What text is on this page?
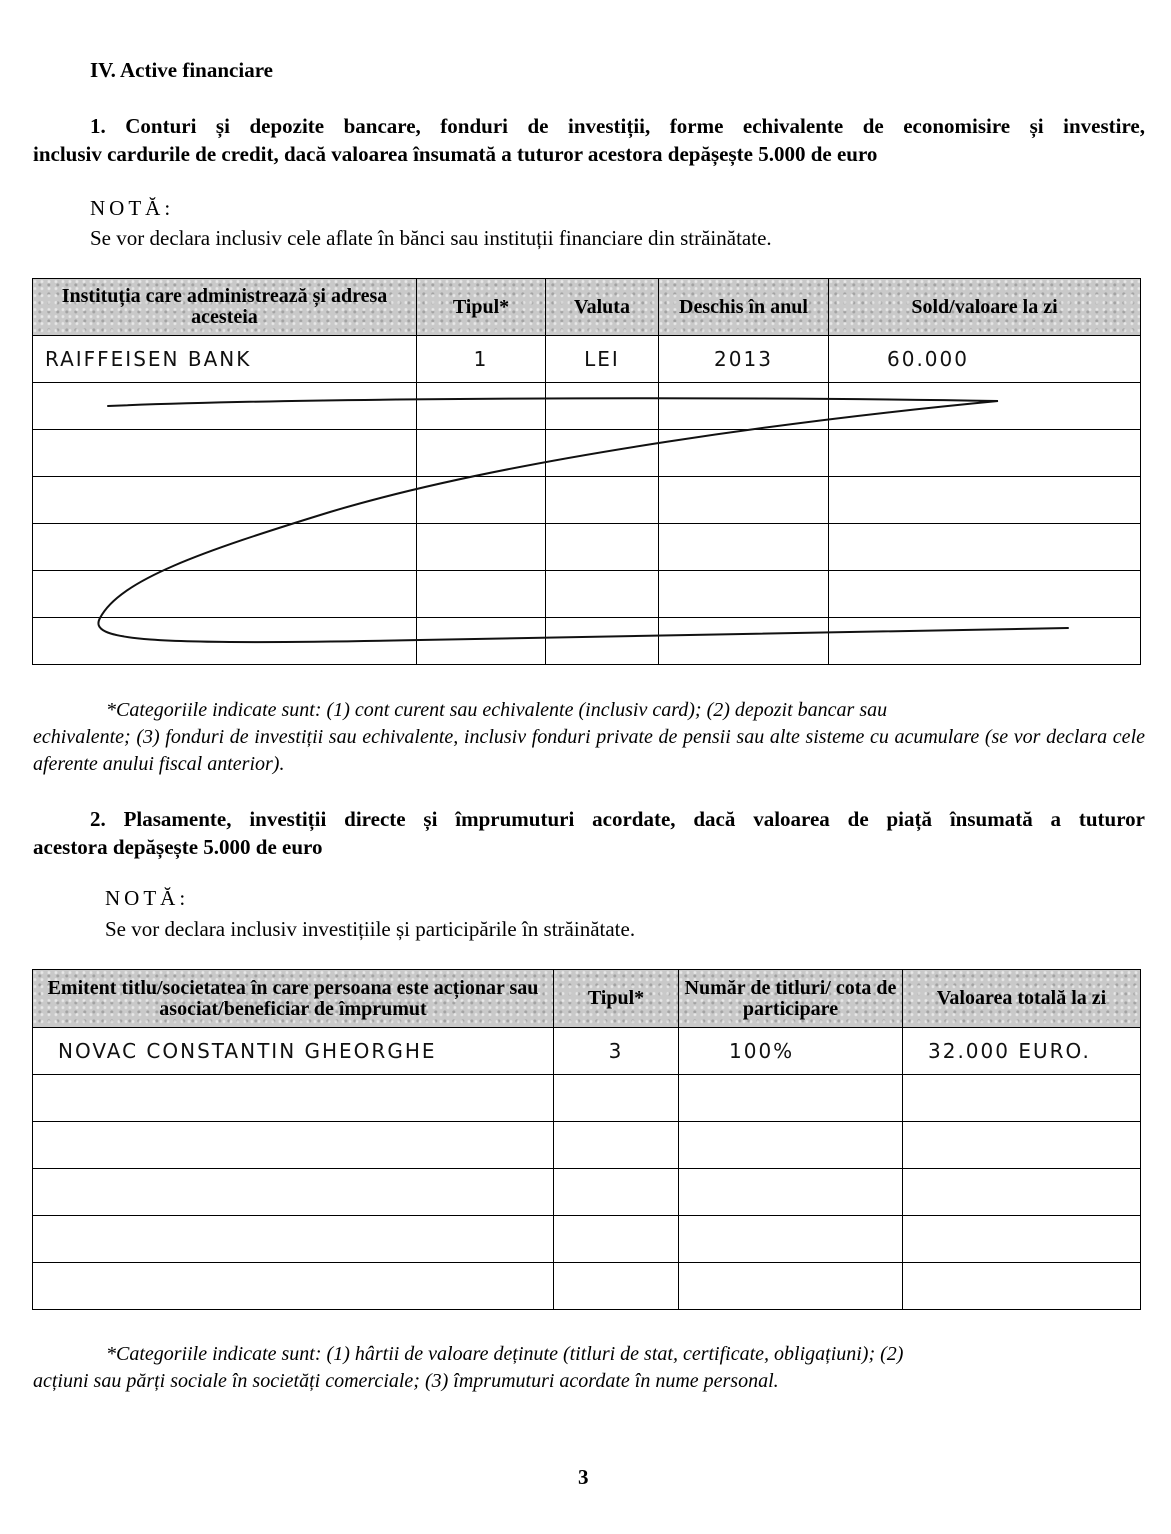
IV. Active financiare
1. Conturi și depozite bancare, fonduri de investiții, forme echivalente de economisire și investire,
inclusiv cardurile de credit, dacă valoarea însumată a tuturor acestora depășește 5.000 de euro
NOTĂ:
Se vor declara inclusiv cele aflate în bănci sau instituții financiare din străinătate.
Instituția care administrează și adresa acesteia	Tipul*	Valuta	Deschis în anul	Sold/valoare la zi
RAIFFEISEN BANK	1	LEI	2013	60.000

*Categoriile indicate sunt: (1) cont curent sau echivalente (inclusiv card); (2) depozit bancar sau
echivalente; (3) fonduri de investiții sau echivalente, inclusiv fonduri private de pensii sau alte sisteme cu acumulare (se vor declara cele aferente anului fiscal anterior).
2. Plasamente, investiții directe și împrumuturi acordate, dacă valoarea de piață însumată a tuturor
acestora depășește 5.000 de euro
NOTĂ:
Se vor declara inclusiv investițiile și participările în străinătate.
Emitent titlu/societatea în care persoana este acționar sau asociat/beneficiar de împrumut	Tipul*	Număr de titluri/ cota de participare	Valoarea totală la zi
NOVAC CONSTANTIN GHEORGHE	3	100%	32.000 EURO.

*Categoriile indicate sunt: (1) hârtii de valoare deținute (titluri de stat, certificate, obligațiuni); (2)
acțiuni sau părți sociale în societăți comerciale; (3) împrumuturi acordate în nume personal.
3
